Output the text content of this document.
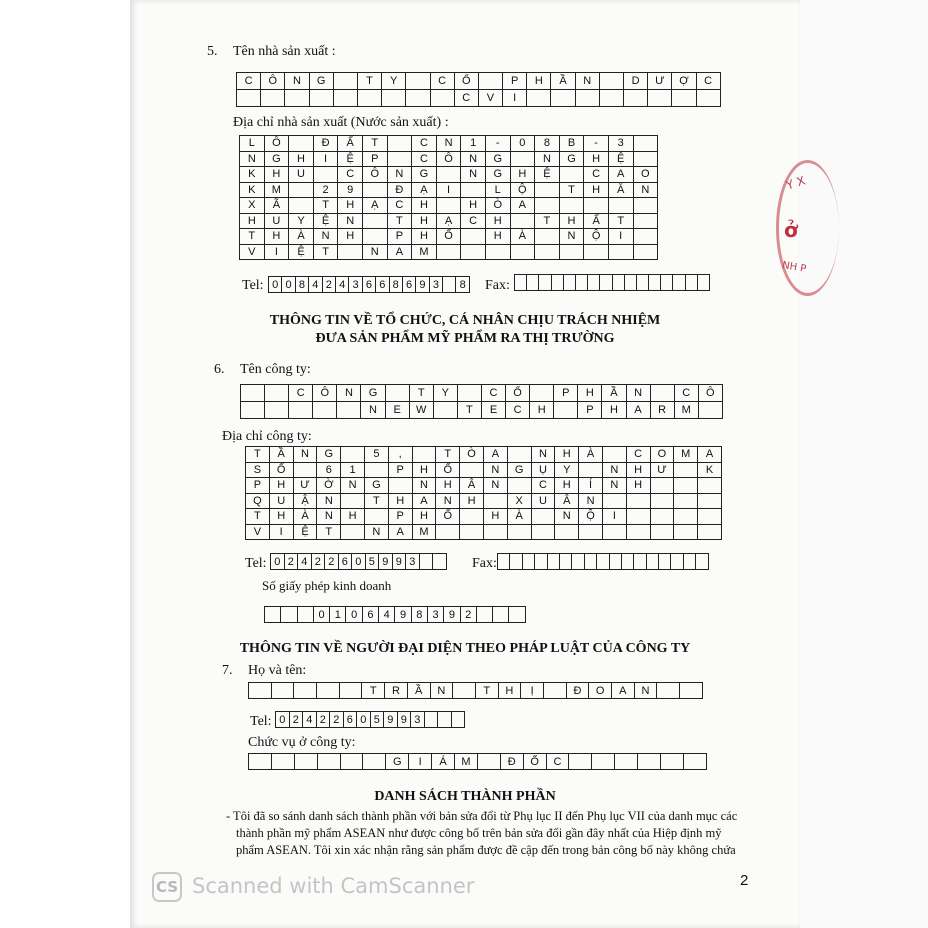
Y X
ở
NH P
5. Tên nhà sản xuất :
C	Ô	N	G	T	Y	C	Ổ	P	H	Ầ	N	D	Ư	Ợ	C
C	V	I
Địa chỉ nhà sản xuất (Nước sản xuất) :
L	Ô	Đ	Ấ	T	C	N	1	-	0	8	B	-	3
N	G	H	I	Ệ	P	C	Ô	N	G	N	G	H	Ệ
K	H	U	C	Ô	N	G	N	G	H	Ệ	C	A	O
K	M	2	9	Đ	Ạ	I	L	Ộ	T	H	Ă	N
X	Ã	T	H	Ạ	C	H	H	Ò	A
H	U	Y	Ệ	N	T	H	Ạ	C	H	T	H	Ấ	T
T	H	À	N	H	P	H	Ố	H	À	N	Ộ	I
V	I	Ệ	T	N	A	M
Tel: 0 0 8 4 2 4 3 6 6 8 6 9 3	8 Fax:
THÔNG TIN VỀ TỔ CHỨC, CÁ NHÂN CHỊU TRÁCH NHIỆM
ĐƯA SẢN PHẨM MỸ PHẨM RA THỊ TRƯỜNG
6. Tên công ty:
C	Ô	N	G	T	Y	C	Ổ	P	H	Ầ	N	C	Ô
N	E	W	T	E	C	H	P	H	A	R	M
Địa chỉ công ty:
T	Ầ	N	G	5	,	T	Ò	A	N	H	À	C	O	M	A
S	Ố	6	1	P	H	Ố	N	G	Ụ	Y	N	H	Ư	K
P	H	Ư	Ờ	N	G	N	H	Â	N	C	H	Í	N	H
Q	U	Ậ	N	T	H	A	N	H	X	U	Â	N
T	H	À	N	H	P	H	Ố	H	À	N	Ộ	I
V	I	Ệ	T	N	A	M
Tel: 0 2 4 2 2 6 0 5 9 9 3	Fax:
Số giấy phép kinh doanh
0 1 0 6 4 9 8 3 9 2
THÔNG TIN VỀ NGƯỜI ĐẠI DIỆN THEO PHÁP LUẬT CỦA CÔNG TY
7. Họ và tên:
T	R	Ầ	N	T	H	Ị	Đ	O	A	N
Tel: 0 2 4 2 2 6 0 5 9 9 3
Chức vụ ở công ty:
G	I	Á	M	Đ	Ố	C
DANH SÁCH THÀNH PHẦN
- Tôi đã so sánh danh sách thành phần với bản sửa đổi từ Phụ lục II đến Phụ lục VII của danh mục các
thành phần mỹ phẩm ASEAN như được công bố trên bản sửa đổi gần đây nhất của Hiệp định mỹ
phẩm ASEAN. Tôi xin xác nhận rằng sản phẩm được đề cập đến trong bản công bố này không chứa
CS Scanned with CamScanner	2
